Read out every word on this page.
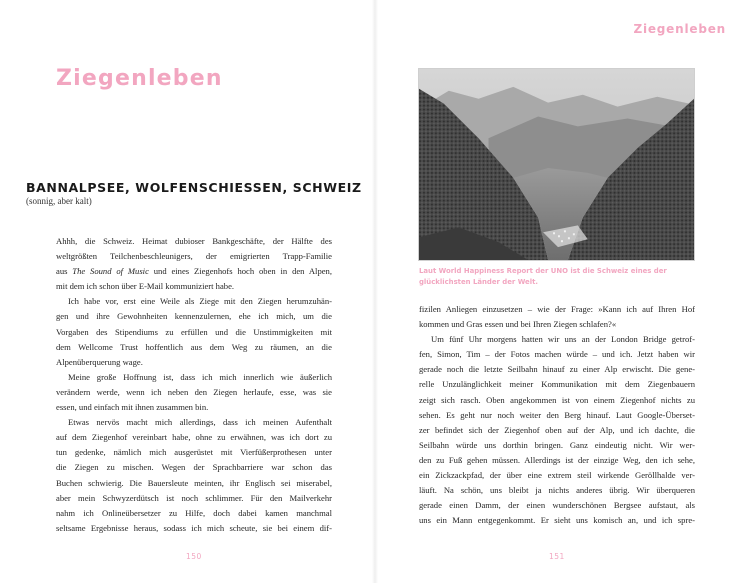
Ziegenleben
BANNALPSEE, WOLFENSCHIESSEN, SCHWEIZ
(sonnig, aber kalt)
Ahhh, die Schweiz. Heimat dubioser Bankgeschäfte, der Hälfte des
weltgrößten Teilchenbeschleunigers, der emigrierten Trapp-Familie
aus The Sound of Music und eines Ziegenhofs hoch oben in den Alpen,
mit dem ich schon über E-Mail kommuniziert habe.
Ich habe vor, erst eine Weile als Ziege mit den Ziegen herumzuhän-
gen und ihre Gewohnheiten kennenzulernen, ehe ich mich, um die
Vorgaben des Stipendiums zu erfüllen und die Unstimmigkeiten mit
dem Wellcome Trust hoffentlich aus dem Weg zu räumen, an die
Alpenüberquerung wage.
Meine große Hoffnung ist, dass ich mich innerlich wie äußerlich
verändern werde, wenn ich neben den Ziegen herlaufe, esse, was sie
essen, und einfach mit ihnen zusammen bin.
Etwas nervös macht mich allerdings, dass ich meinen Aufenthalt
auf dem Ziegenhof vereinbart habe, ohne zu erwähnen, was ich dort zu
tun gedenke, nämlich mich ausgerüstet mit Vierfüßerprothesen unter
die Ziegen zu mischen. Wegen der Sprachbarriere war schon das
Buchen schwierig. Die Bauersleute meinten, ihr Englisch sei miserabel,
aber mein Schwyzerdütsch ist noch schlimmer. Für den Mailverkehr
nahm ich Onlineübersetzer zu Hilfe, doch dabei kamen manchmal
seltsame Ergebnisse heraus, sodass ich mich scheute, sie bei einem dif-
150
Ziegenleben
Laut World Happiness Report der UNO ist die Schweiz eines der
glücklichsten Länder der Welt.
fizilen Anliegen einzusetzen – wie der Frage: »Kann ich auf Ihren Hof
kommen und Gras essen und bei Ihren Ziegen schlafen?«
Um fünf Uhr morgens hatten wir uns an der London Bridge getrof-
fen, Simon, Tim – der Fotos machen würde – und ich. Jetzt haben wir
gerade noch die letzte Seilbahn hinauf zu einer Alp erwischt. Die gene-
relle Unzulänglichkeit meiner Kommunikation mit dem Ziegenbauern
zeigt sich rasch. Oben angekommen ist von einem Ziegenhof nichts zu
sehen. Es geht nur noch weiter den Berg hinauf. Laut Google-Überset-
zer befindet sich der Ziegenhof oben auf der Alp, und ich dachte, die
Seilbahn würde uns dorthin bringen. Ganz eindeutig nicht. Wir wer-
den zu Fuß gehen müssen. Allerdings ist der einzige Weg, den ich sehe,
ein Zickzackpfad, der über eine extrem steil wirkende Geröllhalde ver-
läuft. Na schön, uns bleibt ja nichts anderes übrig. Wir überqueren
gerade einen Damm, der einen wunderschönen Bergsee aufstaut, als
uns ein Mann entgegenkommt. Er sieht uns komisch an, und ich spre-
151
